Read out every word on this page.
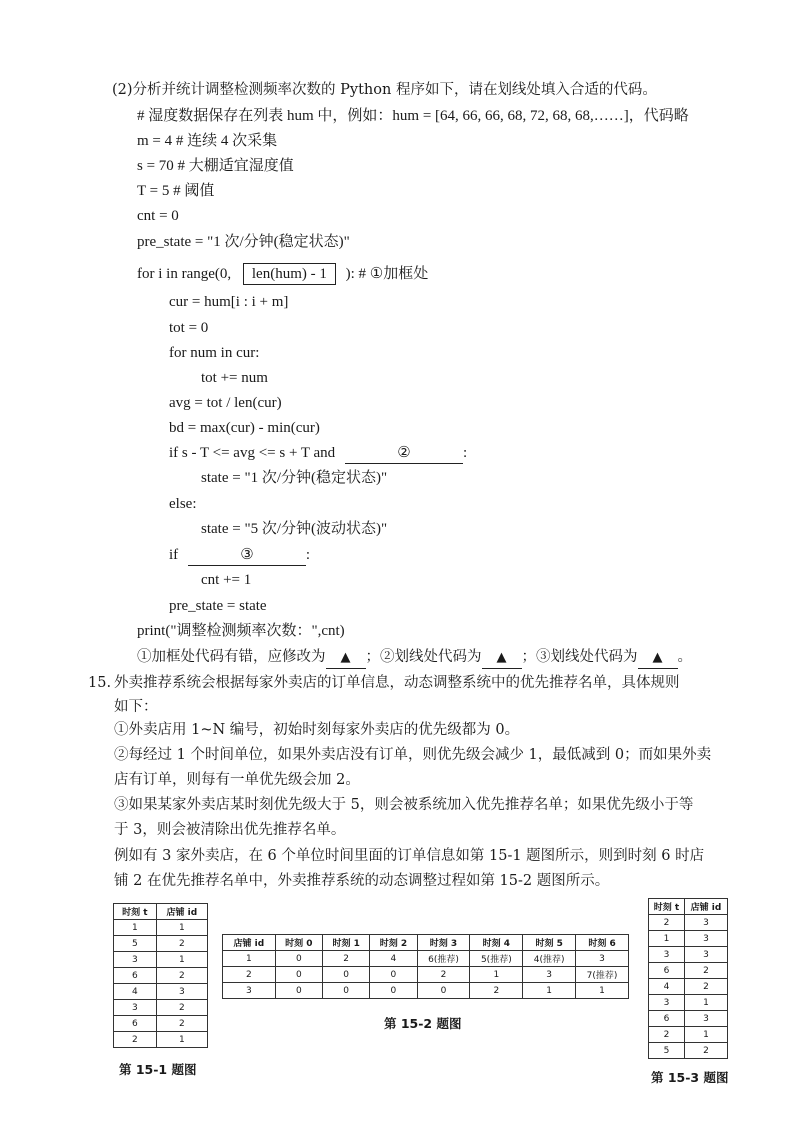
(2)分析并统计调整检测频率次数的 Python 程序如下，请在划线处填入合适的代码。
# 湿度数据保存在列表 hum 中，例如：hum = [64, 66, 66, 68, 72, 68, 68,……]，代码略
m = 4 # 连续 4 次采集
s = 70 # 大棚适宜湿度值
T = 5 # 阈值
cnt = 0
pre_state = "1 次/分钟(稳定状态)"
for i in range(0, len(hum) - 1 ): # ①加框处
cur = hum[i : i + m]
tot = 0
for num in cur:
tot += num
avg = tot / len(cur)
bd = max(cur) - min(cur)
if s - T <= avg <= s + T and	②	:
state = "1 次/分钟(稳定状态)"
else:
state = "5 次/分钟(波动状态)"
if	③	:
cnt += 1
pre_state = state
print("调整检测频率次数：",cnt)
①加框处代码有错，应修改为 ▲ ；②划线处代码为 ▲ ；③划线处代码为 ▲ 。
15. 外卖推荐系统会根据每家外卖店的订单信息，动态调整系统中的优先推荐名单，具体规则
如下：
①外卖店用 1~N 编号，初始时刻每家外卖店的优先级都为 0。
②每经过 1 个时间单位，如果外卖店没有订单，则优先级会减少 1，最低减到 0；而如果外卖
店有订单，则每有一单优先级会加 2。
③如果某家外卖店某时刻优先级大于 5，则会被系统加入优先推荐名单；如果优先级小于等
于 3，则会被清除出优先推荐名单。
例如有 3 家外卖店，在 6 个单位时间里面的订单信息如第 15-1 题图所示，则到时刻 6 时店
铺 2 在优先推荐名单中，外卖推荐系统的动态调整过程如第 15-2 题图所示。
时刻 t	店铺 id
1	1
5	2
3	1
6	2
4	3
3	2
6	2
2	1
第 15-1 题图
店铺 id	时刻 0	时刻 1	时刻 2	时刻 3	时刻 4	时刻 5	时刻 6
1	0	2	4	6(推荐)	5(推荐)	4(推荐)	3
2	0	0	0	2	1	3	7(推荐)
3	0	0	0	0	2	1	1
第 15-2 题图
时刻 t	店铺 id
2	3
1	3
3	3
6	2
4	2
3	1
6	3
2	1
5	2
第 15-3 题图
